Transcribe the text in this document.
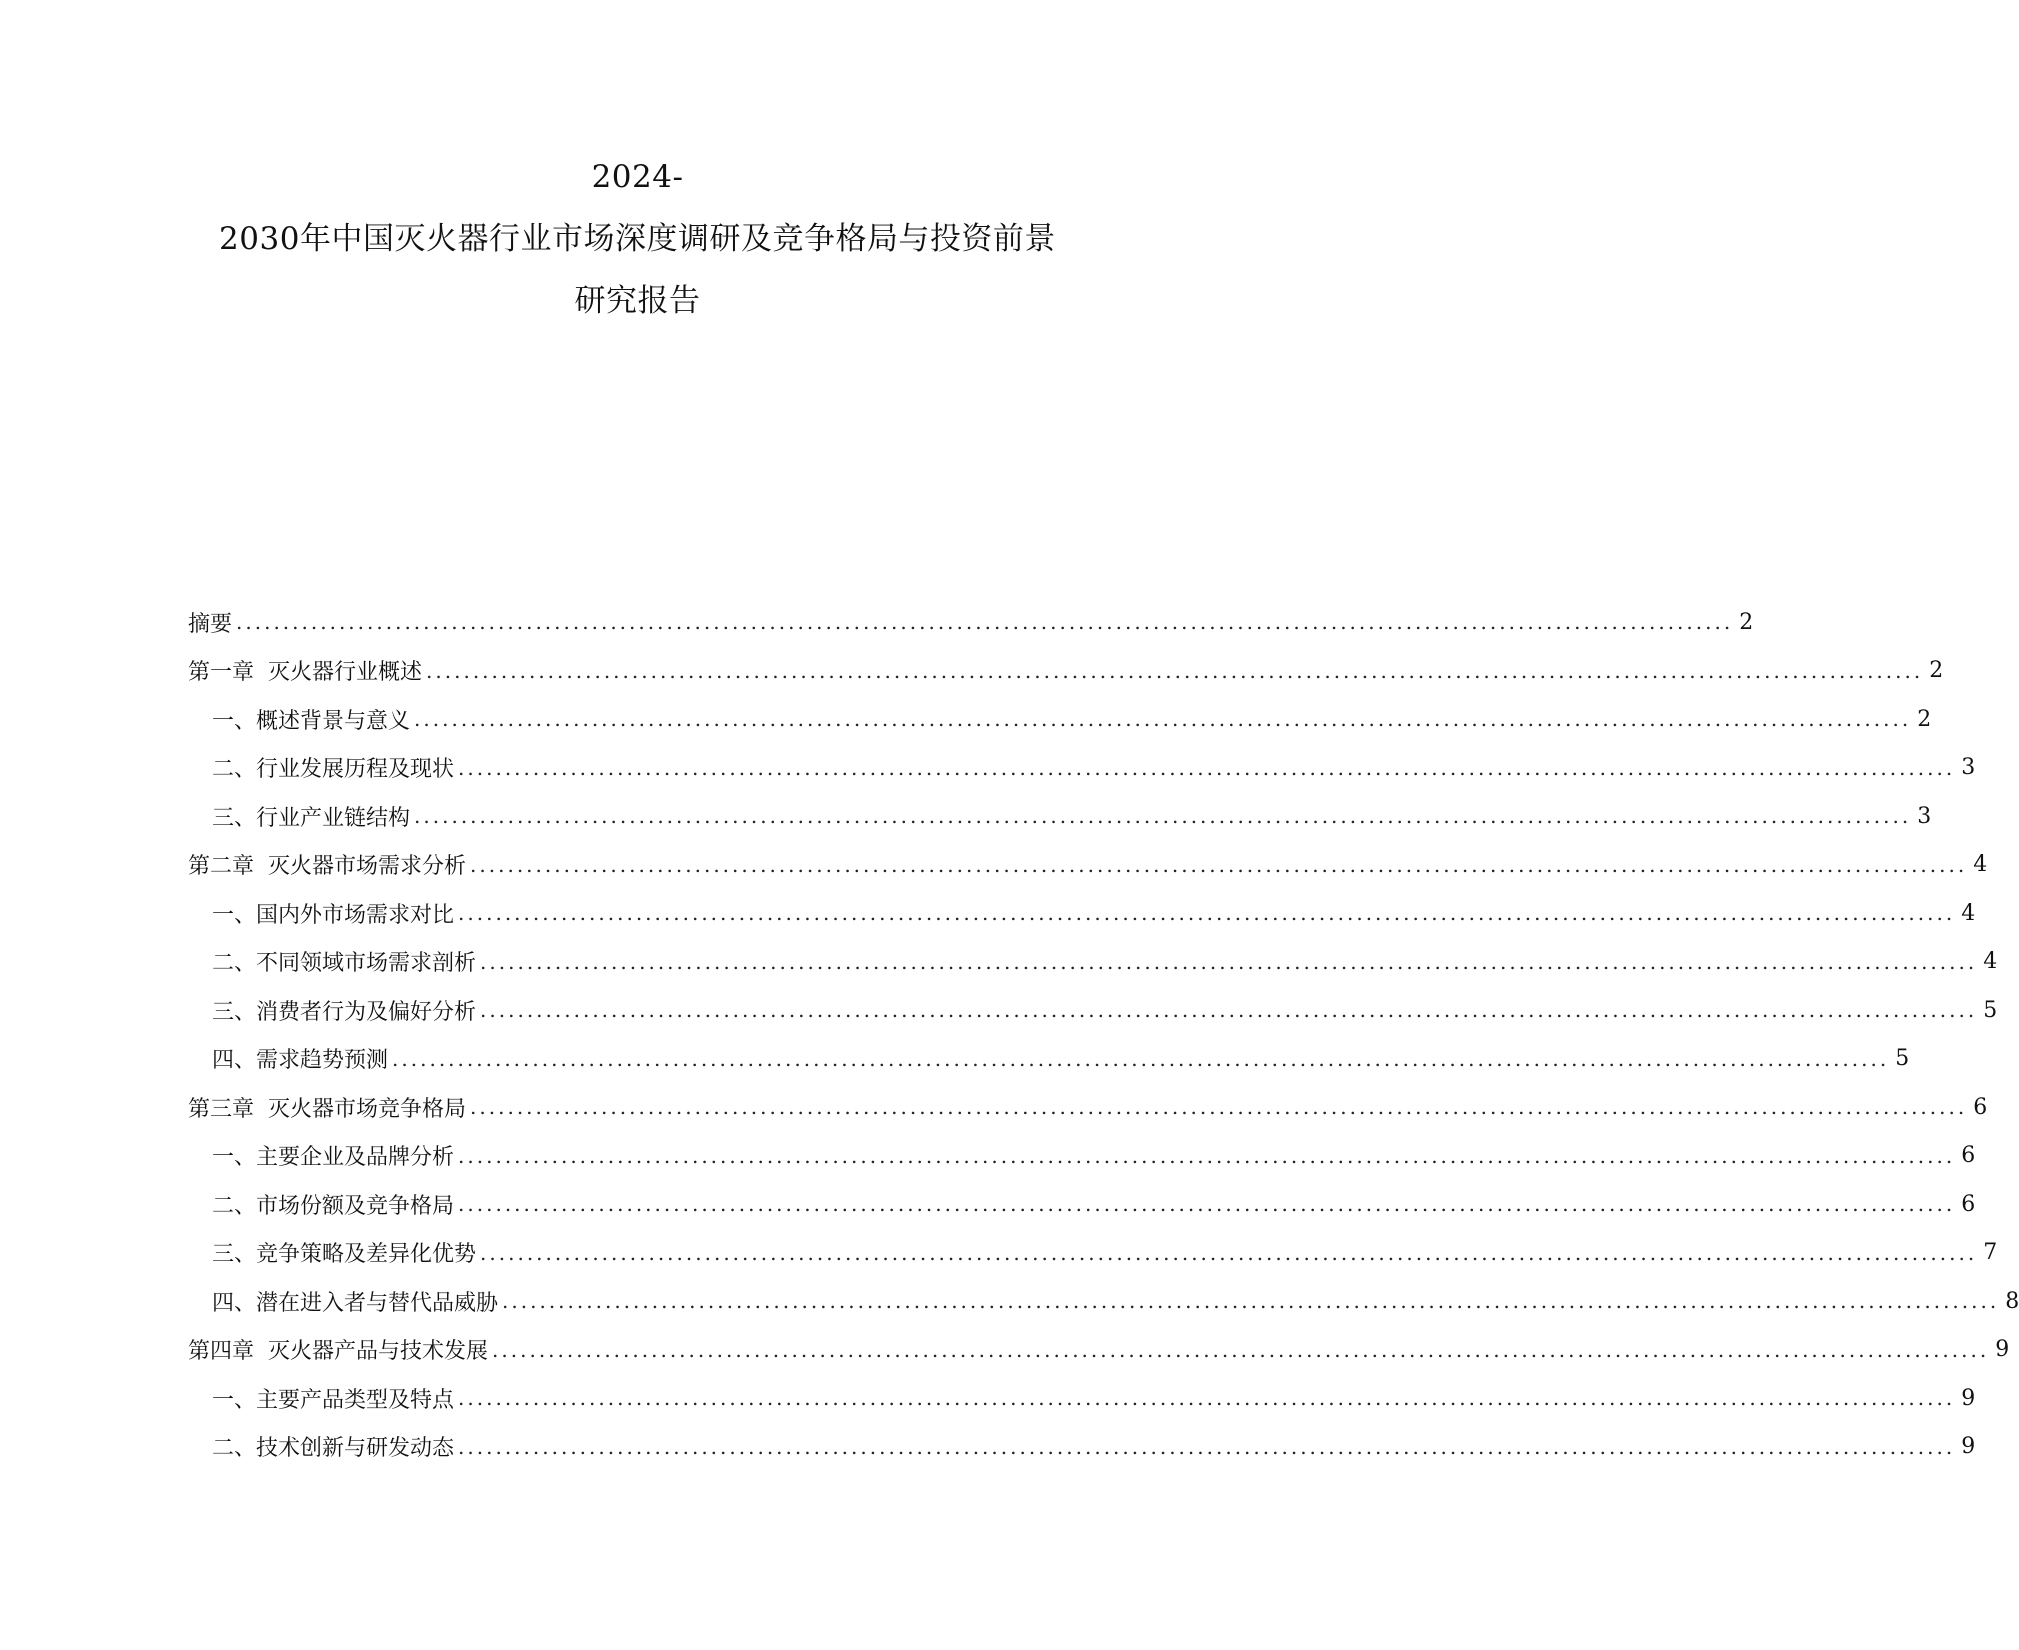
2024-
2030年中国灭火器行业市场深度调研及竞争格局与投资前景
研究报告
摘要 ................................................................................................................................................................ 2
第一章 灭火器行业概述 ................................................................................................................................................................ 2
一、 概述背景与意义 ................................................................................................................................................................ 2
二、 行业发展历程及现状 ................................................................................................................................................................ 3
三、 行业产业链结构 ................................................................................................................................................................ 3
第二章 灭火器市场需求分析 ................................................................................................................................................................ 4
一、 国内外市场需求对比 ................................................................................................................................................................ 4
二、 不同领域市场需求剖析 ................................................................................................................................................................ 4
三、 消费者行为及偏好分析 ................................................................................................................................................................ 5
四、 需求趋势预测 ................................................................................................................................................................ 5
第三章 灭火器市场竞争格局 ................................................................................................................................................................ 6
一、 主要企业及品牌分析 ................................................................................................................................................................ 6
二、 市场份额及竞争格局 ................................................................................................................................................................ 6
三、 竞争策略及差异化优势 ................................................................................................................................................................ 7
四、 潜在进入者与替代品威胁 ................................................................................................................................................................ 8
第四章 灭火器产品与技术发展 ................................................................................................................................................................ 9
一、 主要产品类型及特点 ................................................................................................................................................................ 9
二、 技术创新与研发动态 ................................................................................................................................................................ 9
